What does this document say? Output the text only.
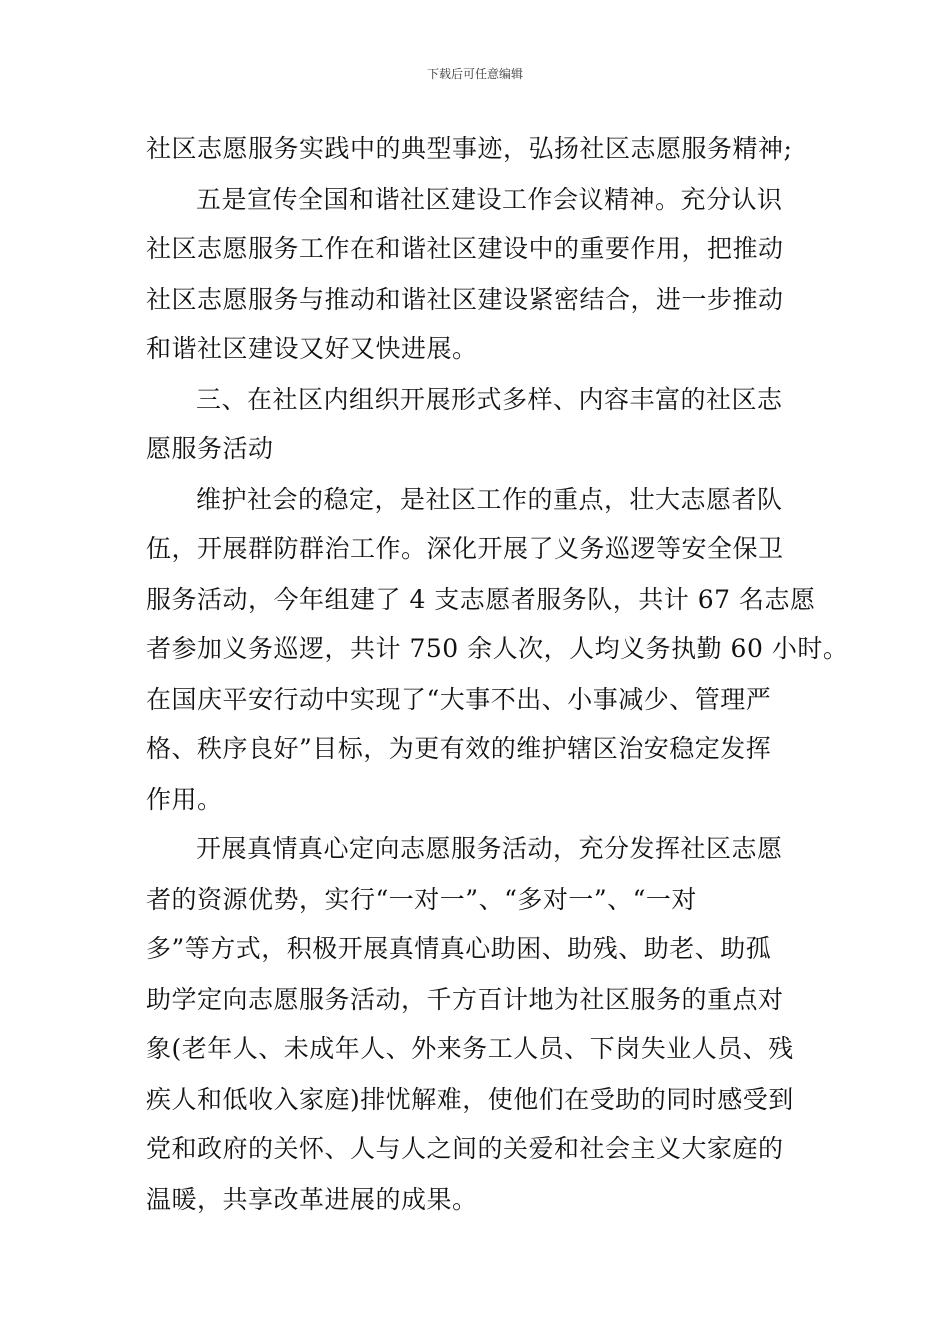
下载后可任意编辑
社区志愿服务实践中的典型事迹，弘扬社区志愿服务精神;
五是宣传全国和谐社区建设工作会议精神。充分认识
社区志愿服务工作在和谐社区建设中的重要作用，把推动
社区志愿服务与推动和谐社区建设紧密结合，进一步推动
和谐社区建设又好又快进展。
三、在社区内组织开展形式多样、内容丰富的社区志
愿服务活动
维护社会的稳定，是社区工作的重点，壮大志愿者队
伍，开展群防群治工作。深化开展了义务巡逻等安全保卫
服务活动，今年组建了 4 支志愿者服务队，共计 67 名志愿
者参加义务巡逻，共计 750 余人次，人均义务执勤 60 小时。
在国庆平安行动中实现了“大事不出、小事减少、管理严
格、秩序良好”目标，为更有效的维护辖区治安稳定发挥
作用。
开展真情真心定向志愿服务活动，充分发挥社区志愿
者的资源优势，实行“一对一”、“多对一”、“一对
多”等方式，积极开展真情真心助困、助残、助老、助孤
助学定向志愿服务活动，千方百计地为社区服务的重点对
象(老年人、未成年人、外来务工人员、下岗失业人员、残
疾人和低收入家庭)排忧解难，使他们在受助的同时感受到
党和政府的关怀、人与人之间的关爱和社会主义大家庭的
温暖，共享改革进展的成果。
